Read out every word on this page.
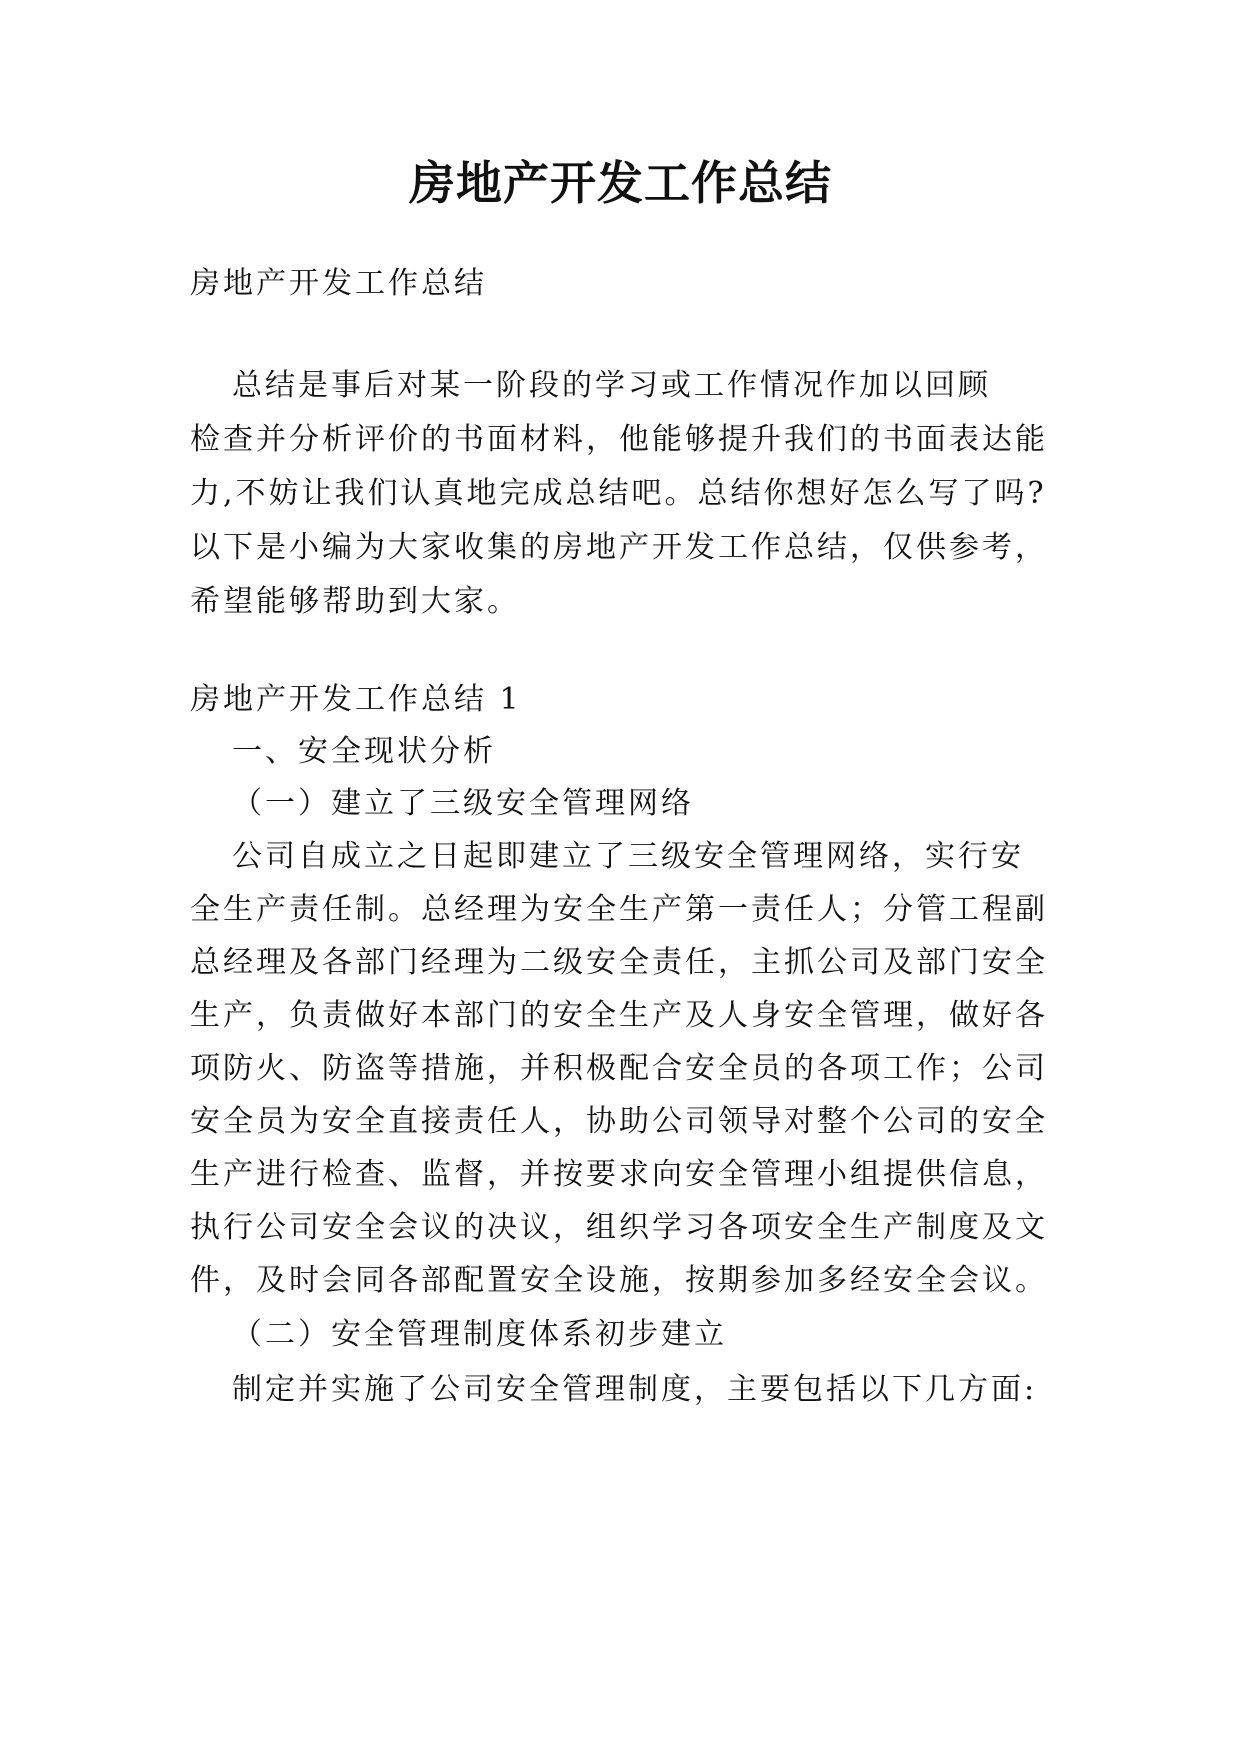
房地产开发工作总结
房地产开发工作总结
总结是事后对某一阶段的学习或工作情况作加以回顾
检查并分析评价的书面材料，他能够提升我们的书面表达能
力,不妨让我们认真地完成总结吧。总结你想好怎么写了吗?
以下是小编为大家收集的房地产开发工作总结，仅供参考，
希望能够帮助到大家。
房地产开发工作总结 1
一、安全现状分析
（一）建立了三级安全管理网络
公司自成立之日起即建立了三级安全管理网络，实行安
全生产责任制。总经理为安全生产第一责任人；分管工程副
总经理及各部门经理为二级安全责任，主抓公司及部门安全
生产，负责做好本部门的安全生产及人身安全管理，做好各
项防火、防盗等措施，并积极配合安全员的各项工作；公司
安全员为安全直接责任人，协助公司领导对整个公司的安全
生产进行检查、监督，并按要求向安全管理小组提供信息，
执行公司安全会议的决议，组织学习各项安全生产制度及文
件，及时会同各部配置安全设施，按期参加多经安全会议。
（二）安全管理制度体系初步建立
制定并实施了公司安全管理制度，主要包括以下几方面:
